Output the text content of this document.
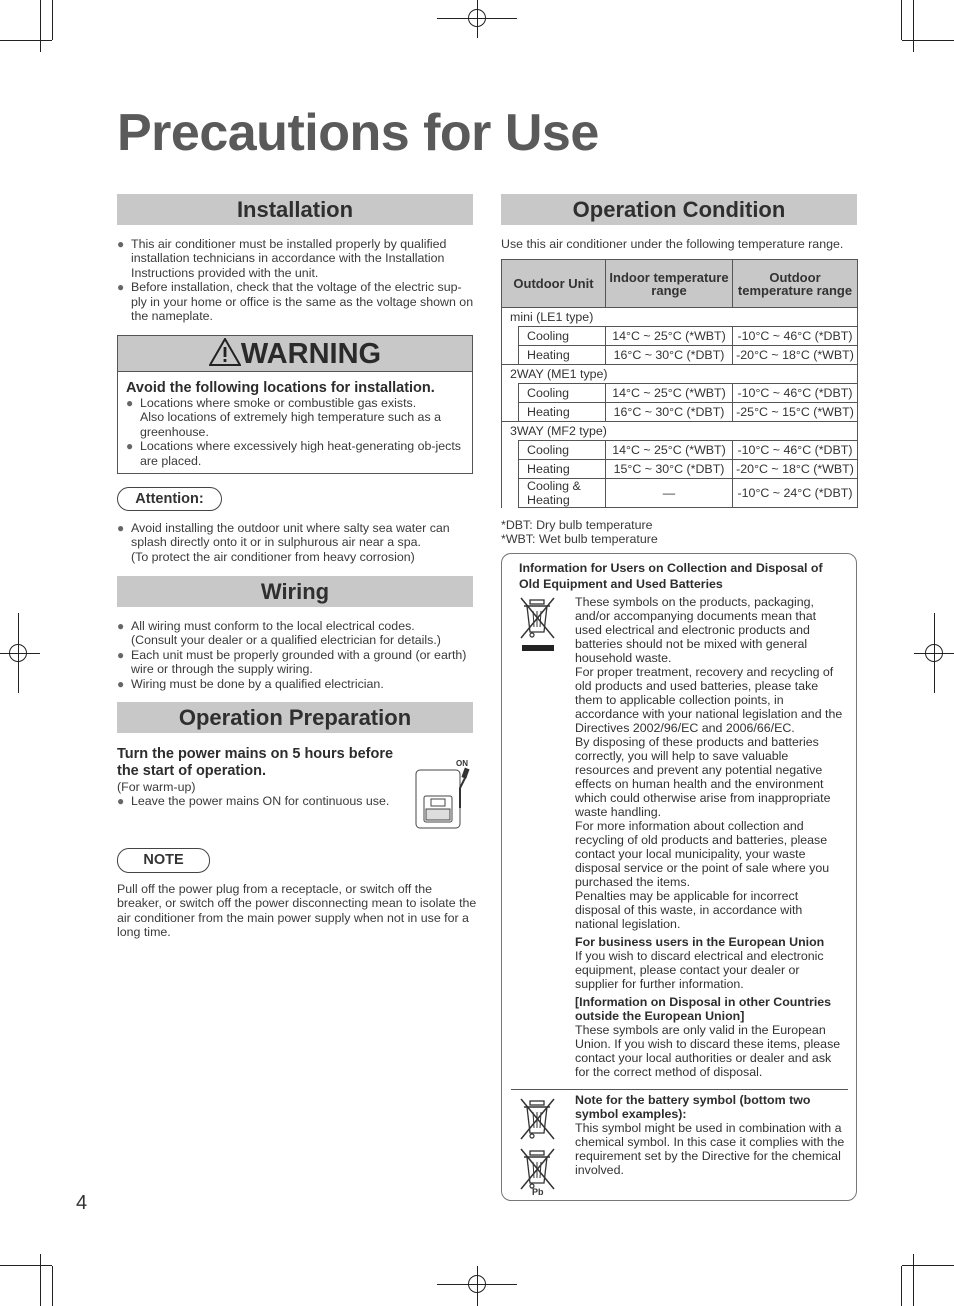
Precautions for Use
Installation

● This air conditioner must be installed properly by qualified installation technicians in accordance with the Installation Instructions provided with the unit.

● Before installation, check that the voltage of the electric sup-ply in your home or office is the same as the voltage shown on the nameplate.

WARNING
Avoid the following locations for installation.

● Locations where smoke or combustible gas exists.

Also locations of extremely high temperature such as a greenhouse.

● Locations where excessively high heat-generating ob-jects are placed.

Attention:

● Avoid installing the outdoor unit where salty sea water can splash directly onto it or in sulphurous air near a spa.

(To protect the air conditioner from heavy corrosion)

Wiring

● All wiring must conform to the local electrical codes.

(Consult your dealer or a qualified electrician for details.)

● Each unit must be properly grounded with a ground (or earth) wire or through the supply wiring.

● Wiring must be done by a qualified electrician.

Operation Preparation
Turn the power mains on 5 hours before the start of operation.
(For warm-up)

● Leave the power mains ON for continuous use.

ON
NOTE
Pull off the power plug from a receptacle, or switch off the breaker, or switch off the power disconnecting mean to isolate the air conditioner from the main power supply when not in use for a long time.
Operation Condition
Use this air conditioner under the following temperature range.
Outdoor Unit		Indoor temperature range	Outdoor temperature range
mini (LE1 type)			
	Cooling	14°C ~ 25°C (*WBT)	-10°C ~ 46°C (*DBT)
	Heating	16°C ~ 30°C (*DBT)	-20°C ~ 18°C (*WBT)
2WAY (ME1 type)			
	Cooling	14°C ~ 25°C (*WBT)	-10°C ~ 46°C (*DBT)
	Heating	16°C ~ 30°C (*DBT)	-25°C ~ 15°C (*WBT)
3WAY (MF2 type)			
	Cooling	14°C ~ 25°C (*WBT)	-10°C ~ 46°C (*DBT)
	Heating	15°C ~ 30°C (*DBT)	-20°C ~ 18°C (*WBT)
	Cooling & Heating	—	-10°C ~ 24°C (*DBT)
*DBT: Dry bulb temperature
*WBT: Wet bulb temperature
Information for Users on Collection and Disposal of Old Equipment and Used Batteries
These symbols on the products, packaging, and/or accompanying documents mean that used electrical and electronic products and batteries should not be mixed with general household waste.
For proper treatment, recovery and recycling of old products and used batteries, please take them to applicable collection points, in accordance with your national legislation and the Directives 2002/96/EC and 2006/66/EC.
By disposing of these products and batteries correctly, you will help to save valuable resources and prevent any potential negative effects on human health and the environment which could otherwise arise from inappropriate waste handling.
For more information about collection and recycling of old products and batteries, please contact your local municipality, your waste disposal service or the point of sale where you purchased the items.
Penalties may be applicable for incorrect disposal of this waste, in accordance with national legislation.
For business users in the European Union
If you wish to discard electrical and electronic equipment, please contact your dealer or supplier for further information.
[Information on Disposal in other Countries outside the European Union]
These symbols are only valid in the European Union. If you wish to discard these items, please contact your local authorities or dealer and ask for the correct method of disposal.
Pb
Note for the battery symbol (bottom two symbol examples):
This symbol might be used in combination with a chemical symbol. In this case it complies with the requirement set by the Directive for the chemical involved.
4
